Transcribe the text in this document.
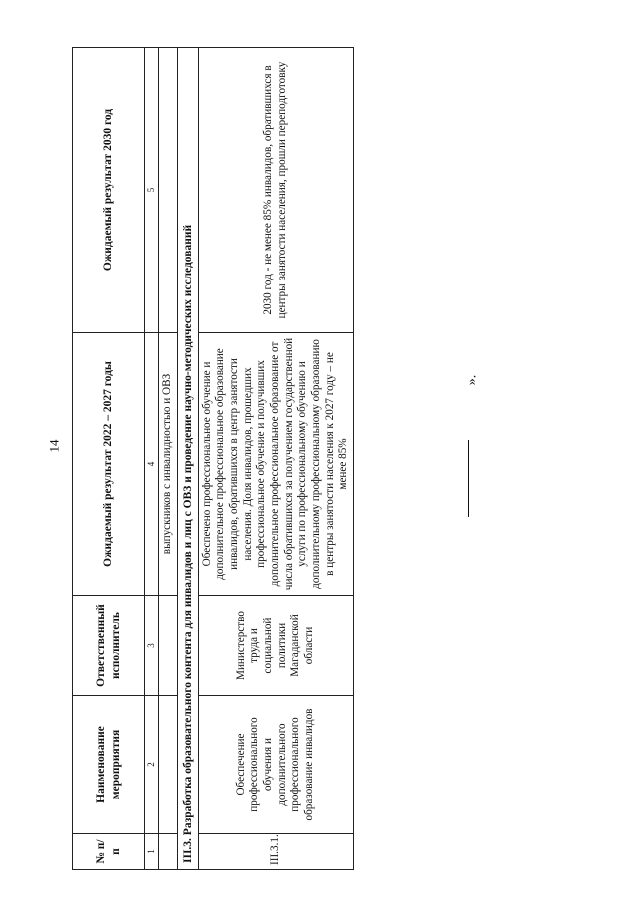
14
№ п/п	Наименование мероприятия	Ответственный исполнитель	Ожидаемый результат 2022 – 2027 годы	Ожидаемый результат 2030 год
1	2	3	4	5
			выпускников с инвалидностью и ОВЗ	
III.3. Разработка образовательного контента для инвалидов и лиц с ОВЗ и проведение научно-методических исследований				
III.3.1.	Обеспечение профессионального обучения и дополнительного профессионального образование инвалидов	Министерство труда и социальной политики Магаданской области	Обеспечено профессиональное обучение и дополнительное профессиональное образование инвалидов, обратившихся в центр занятости населения. Доля инвалидов, прошедших профессиональное обучение и получивших дополнительное профессиональное образование от числа обратившихся за получением государственной услуги по профессиональному обучению и дополнительному профессиональному образованию в центры занятости населения к 2027 году – не менее 85%	2030 год - не менее 85% инвалидов, обратившихся в центры занятости населения, прошли переподготовку
».
